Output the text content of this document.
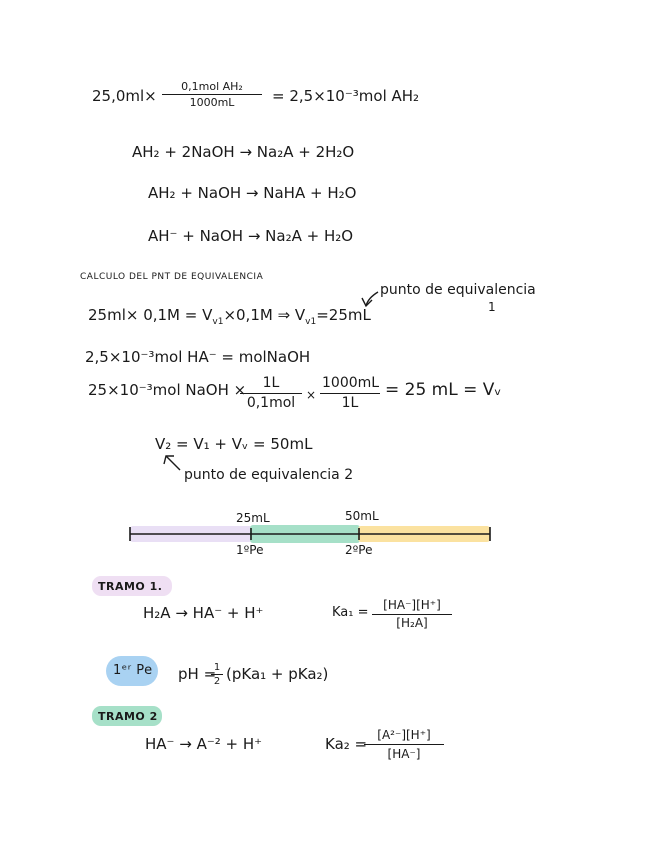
25,0ml×
0,1mol AH₂
1000mL	= 2,5×10⁻³mol AH₂
AH₂ + 2NaOH → Na₂A + 2H₂O
AH₂ + NaOH → NaHA + H₂O
AH⁻ + NaOH → Na₂A + H₂O
CALCULO DEL PNT DE EQUIVALENCIA
$25ml\times 0,1M = V_{v1}\times 0,1M$ ⇒ $V_{v1}=25mL$
punto de equivalencia
1
2,5×10⁻³mol HA⁻ = molNaOH
25×10⁻³mol NaOH ×	1L
$0,1mol \times \frac{1000mL}{1L} = 25$ mL = Vᵥ
V₂ = V₁ + Vᵥ = 50mL
punto de equivalencia 2
25mL	50mL
1ºPe	2ºPe
TRAMO 1.
H₂A → HA⁻ + H⁺	$Ka_1 = \frac{[HA^-][H^+]}{\text{[H₂A]}}$
1ᵉʳ Pe pH =
$\frac{1}{2} (pKa_1 + pKa_2)$
TRAMO 2
HA⁻ → A⁻² + H⁺	Ka₂ =
$\frac{\text{[A²⁻][H⁺]}}{[HA^-]}$
